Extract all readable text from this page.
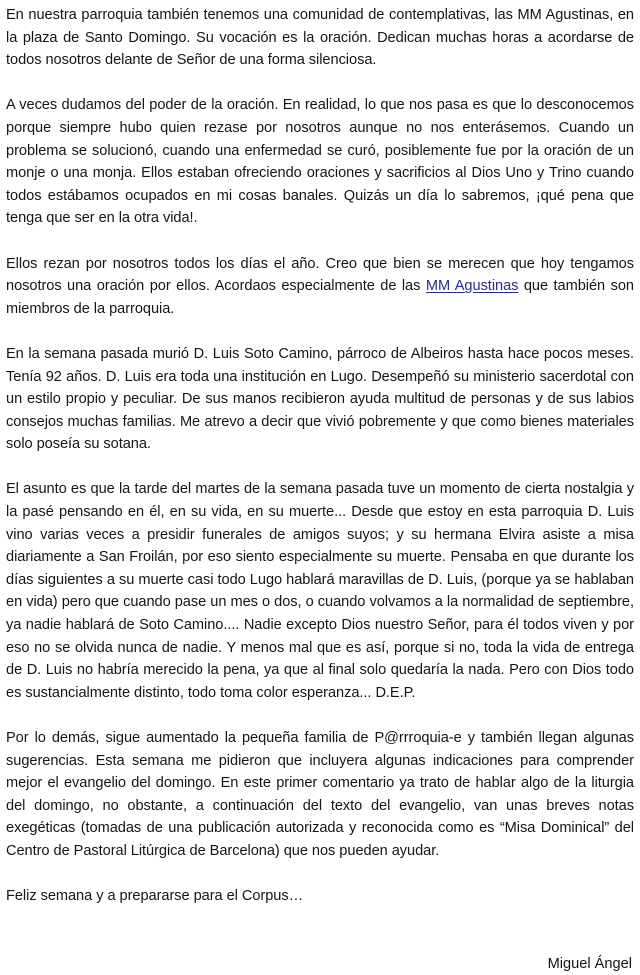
En nuestra parroquia también tenemos una comunidad de contemplativas, las MM Agustinas, en la plaza de Santo Domingo. Su vocación es la oración. Dedican muchas horas a acordarse de todos nosotros delante de Señor de una forma silenciosa.

A veces dudamos del poder de la oración. En realidad, lo que nos pasa es que lo desconocemos porque siempre hubo quien rezase por nosotros aunque no nos enterásemos. Cuando un problema se solucionó, cuando una enfermedad se curó, posiblemente fue por la oración de un monje o una monja. Ellos estaban ofreciendo oraciones y sacrificios al Dios Uno y Trino cuando todos estábamos ocupados en mi cosas banales. Quizás un día lo sabremos, ¡qué pena que tenga que ser en la otra vida!.

Ellos rezan por nosotros todos los días el año. Creo que bien se merecen que hoy tengamos nosotros una oración por ellos. Acordaos especialmente de las MM Agustinas que también son miembros de la parroquia.

En la semana pasada murió D. Luis Soto Camino, párroco de Albeiros hasta hace pocos meses. Tenía 92 años. D. Luis era toda una institución en Lugo. Desempeñó su ministerio sacerdotal con un estilo propio y peculiar. De sus manos recibieron ayuda multitud de personas y de sus labios consejos muchas familias. Me atrevo a decir que vivió pobremente y que como bienes materiales solo poseía su sotana.

El asunto es que la tarde del martes de la semana pasada tuve un momento de cierta nostalgia y la pasé pensando en él, en su vida, en su muerte... Desde que estoy en esta parroquia D. Luis vino varias veces a presidir funerales de amigos suyos; y su hermana Elvira asiste a misa diariamente a San Froilán, por eso siento especialmente su muerte. Pensaba en que durante los días siguientes a su muerte casi todo Lugo hablará maravillas de D. Luis, (porque ya se hablaban en vida) pero que cuando pase un mes o dos, o cuando volvamos a la normalidad de septiembre, ya nadie hablará de Soto Camino.... Nadie excepto Dios nuestro Señor, para él todos viven y por eso no se olvida nunca de nadie. Y menos mal que es así, porque si no, toda la vida de entrega de D. Luis no habría merecido la pena, ya que al final solo quedaría la nada. Pero con Dios todo es sustancialmente distinto, todo toma color esperanza... D.E.P.

Por lo demás, sigue aumentado la pequeña familia de P@rrroquia-e y también llegan algunas sugerencias. Esta semana me pidieron que incluyera algunas indicaciones para comprender mejor el evangelio del domingo. En este primer comentario ya trato de hablar algo de la liturgia del domingo, no obstante, a continuación del texto del evangelio, van unas breves notas exegéticas (tomadas de una publicación autorizada y reconocida como es “Misa Dominical” del Centro de Pastoral Litúrgica de Barcelona) que nos pueden ayudar.

Feliz semana y a prepararse para el Corpus…

Miguel Ángel
